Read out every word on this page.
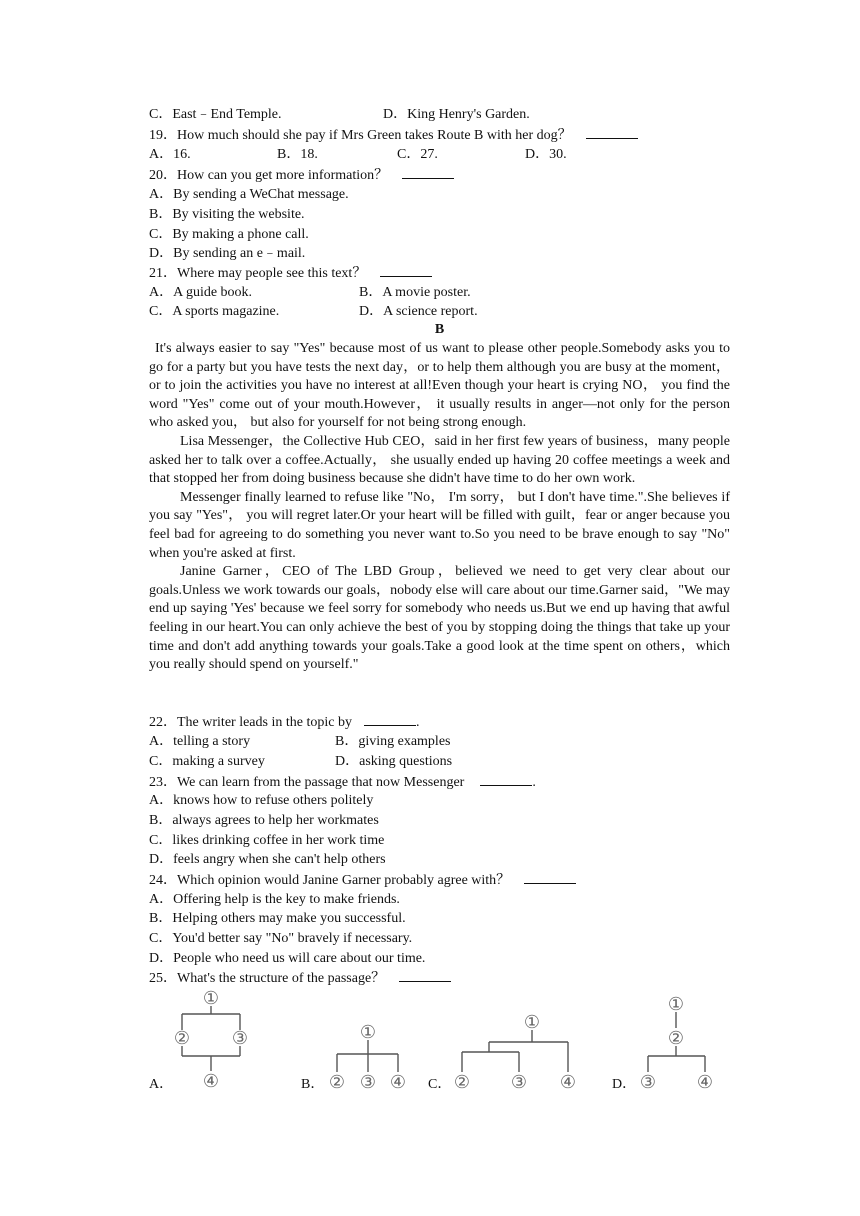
C．East﹣End Temple.	D．King Henry's Garden.
19．How much should she pay if Mrs Green takes Route B with her dog？
A．16.	B．18.	C．27.	D．30.
20．How can you get more information？
A．By sending a WeChat message.
B．By visiting the website.
C．By making a phone call.
D．By sending an e﹣mail.
21．Where may people see this text？
A．A guide book.	B．A movie poster.
C．A sports magazine.	D．A science report.
B

It's always easier to say "Yes" because most of us want to please other people.Somebody asks you to go for a party but you have tests the next day，or to help them although you are busy at the moment， or to join the activities you have no interest at all!Even though your heart is crying NO， you find the word "Yes" come out of your mouth.However， it usually results in anger—not only for the person who asked you， but also for yourself for not being strong enough.

Lisa Messenger，the Collective Hub CEO，said in her first few years of business，many people asked her to talk over a coffee.Actually， she usually ended up having 20 coffee meetings a week and that stopped her from doing business because she didn't have time to do her own work.

Messenger finally learned to refuse like "No， I'm sorry， but I don't have time.".She believes if you say "Yes"， you will regret later.Or your heart will be filled with guilt，fear or anger because you feel bad for agreeing to do something you never want to.So you need to be brave enough to say "No" when you're asked at first.

Janine Garner，CEO of The LBD Group，believed we need to get very clear about our goals.Unless we work towards our goals，nobody else will care about our time.Garner said，"We may end up saying 'Yes' because we feel sorry for somebody who needs us.But we end up having that awful feeling in our heart.You can only achieve the best of you by stopping doing the things that take up your time and don't add anything towards your goals.Take a good look at the time spent on others，which you really should spend on yourself."

22．The writer leads in the topic by	.
A．telling a story	B．giving examples
C．making a survey	D．asking questions
23．We can learn from the passage that now Messenger	.
A．knows how to refuse others politely
B．always agrees to help her workmates
C．likes drinking coffee in her work time
D．feels angry when she can't help others
24．Which opinion would Janine Garner probably agree with？
A．Offering help is the key to make friends.
B．Helping others may make you successful.
C．You'd better say "No" bravely if necessary.
D．People who need us will care about our time.
25．What's the structure of the passage？
A．	B．	C．	D．
①
② ③
④
①
② ③ ④
①
② ③ ④
①
②
③ ④
